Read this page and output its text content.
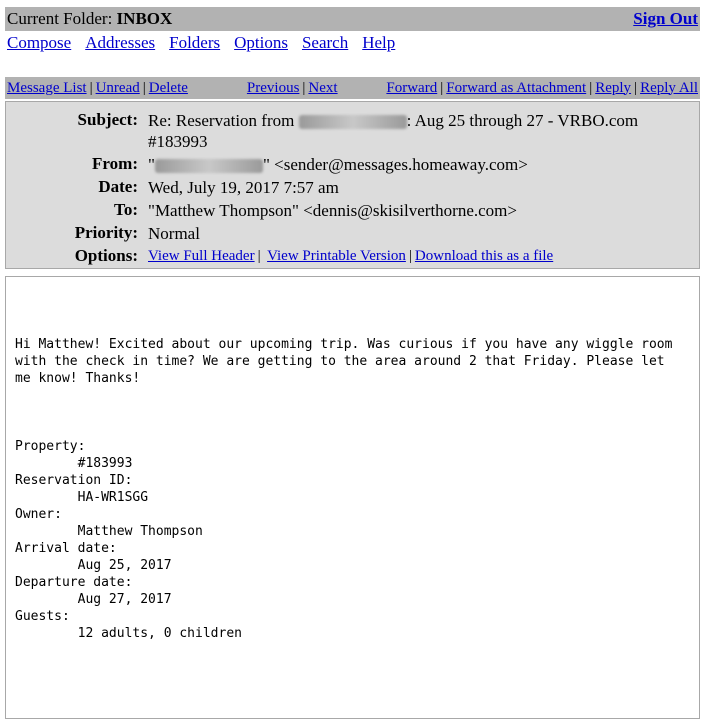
Current Folder: INBOX	Sign Out
Compose Addresses Folders Options Search Help
Message List | Unread | Delete	Previous | Next	Forward | Forward as Attachment | Reply | Reply All
Subject: Re: Reservation from	: Aug 25 through 27 - VRBO.com
#183993
From: "	" <sender@messages.homeaway.com>
Date: Wed, July 19, 2017 7:57 am
To: "Matthew Thompson" <dennis@skisilverthorne.com>
Priority: Normal
Options: View Full Header | View Printable Version | Download this as a file
Hi Matthew! Excited about our upcoming trip. Was curious if you have any wiggle room
with the check in time? We are getting to the area around 2 that Friday. Please let
me know! Thanks!

Property:
#183993
Reservation ID:
HA-WR1SGG
Owner:
Matthew Thompson
Arrival date:
Aug 25, 2017
Departure date:
Aug 27, 2017
Guests:
12 adults, 0 children
